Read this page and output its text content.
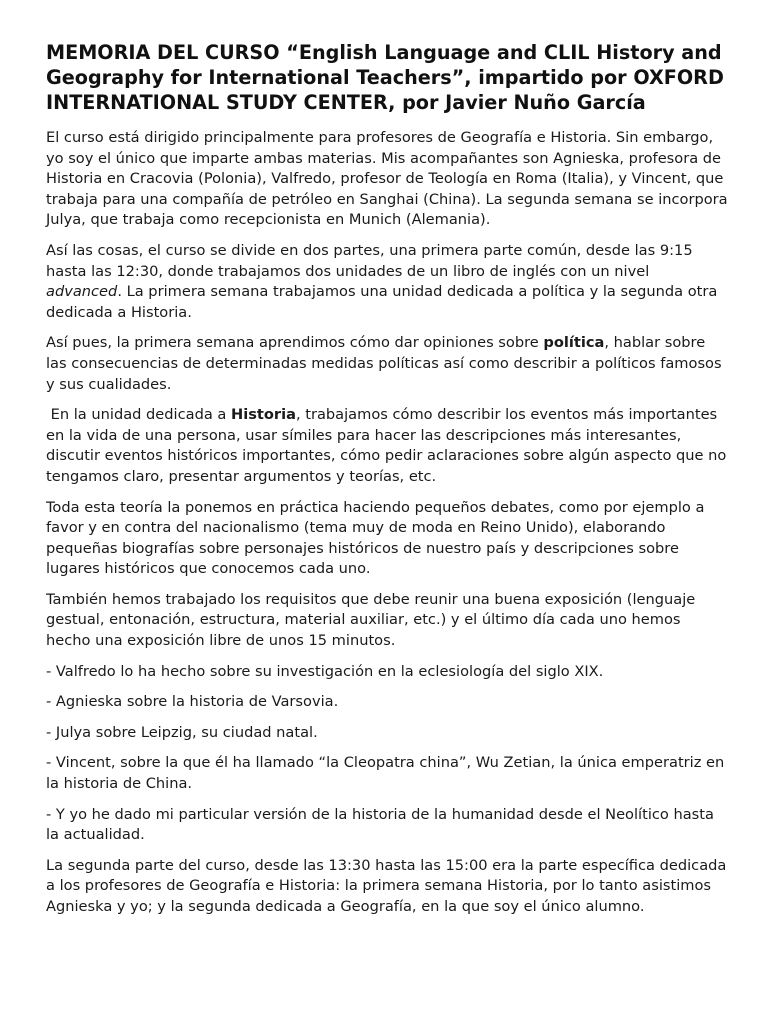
MEMORIA DEL CURSO “English Language and CLIL History and Geography for International Teachers”, impartido por OXFORD INTERNATIONAL STUDY CENTER, por Javier Nuño García

El curso está dirigido principalmente para profesores de Geografía e Historia. Sin embargo, yo soy el único que imparte ambas materias. Mis acompañantes son Agnieska, profesora de Historia en Cracovia (Polonia), Valfredo, profesor de Teología en Roma (Italia), y Vincent, que trabaja para una compañía de petróleo en Sanghai (China). La segunda semana se incorpora Julya, que trabaja como recepcionista en Munich (Alemania).

Así las cosas, el curso se divide en dos partes, una primera parte común, desde las 9:15 hasta las 12:30, donde trabajamos dos unidades de un libro de inglés con un nivel advanced. La primera semana trabajamos una unidad dedicada a política y la segunda otra dedicada a Historia.

Así pues, la primera semana aprendimos cómo dar opiniones sobre política, hablar sobre las consecuencias de determinadas medidas políticas así como describir a políticos famosos y sus cualidades.

En la unidad dedicada a Historia, trabajamos cómo describir los eventos más importantes en la vida de una persona, usar símiles para hacer las descripciones más interesantes, discutir eventos históricos importantes, cómo pedir aclaraciones sobre algún aspecto que no tengamos claro, presentar argumentos y teorías, etc.

Toda esta teoría la ponemos en práctica haciendo pequeños debates, como por ejemplo a favor y en contra del nacionalismo (tema muy de moda en Reino Unido), elaborando pequeñas biografías sobre personajes históricos de nuestro país y descripciones sobre lugares históricos que conocemos cada uno.

También hemos trabajado los requisitos que debe reunir una buena exposición (lenguaje gestual, entonación, estructura, material auxiliar, etc.) y el último día cada uno hemos hecho una exposición libre de unos 15 minutos.

- Valfredo lo ha hecho sobre su investigación en la eclesiología del siglo XIX.

- Agnieska sobre la historia de Varsovia.

- Julya sobre Leipzig, su ciudad natal.

- Vincent, sobre la que él ha llamado “la Cleopatra china”, Wu Zetian, la única emperatriz en la historia de China.

- Y yo he dado mi particular versión de la historia de la humanidad desde el Neolítico hasta la actualidad.

La segunda parte del curso, desde las 13:30 hasta las 15:00 era la parte específica dedicada a los profesores de Geografía e Historia: la primera semana Historia, por lo tanto asistimos Agnieska y yo; y la segunda dedicada a Geografía, en la que soy el único alumno.
